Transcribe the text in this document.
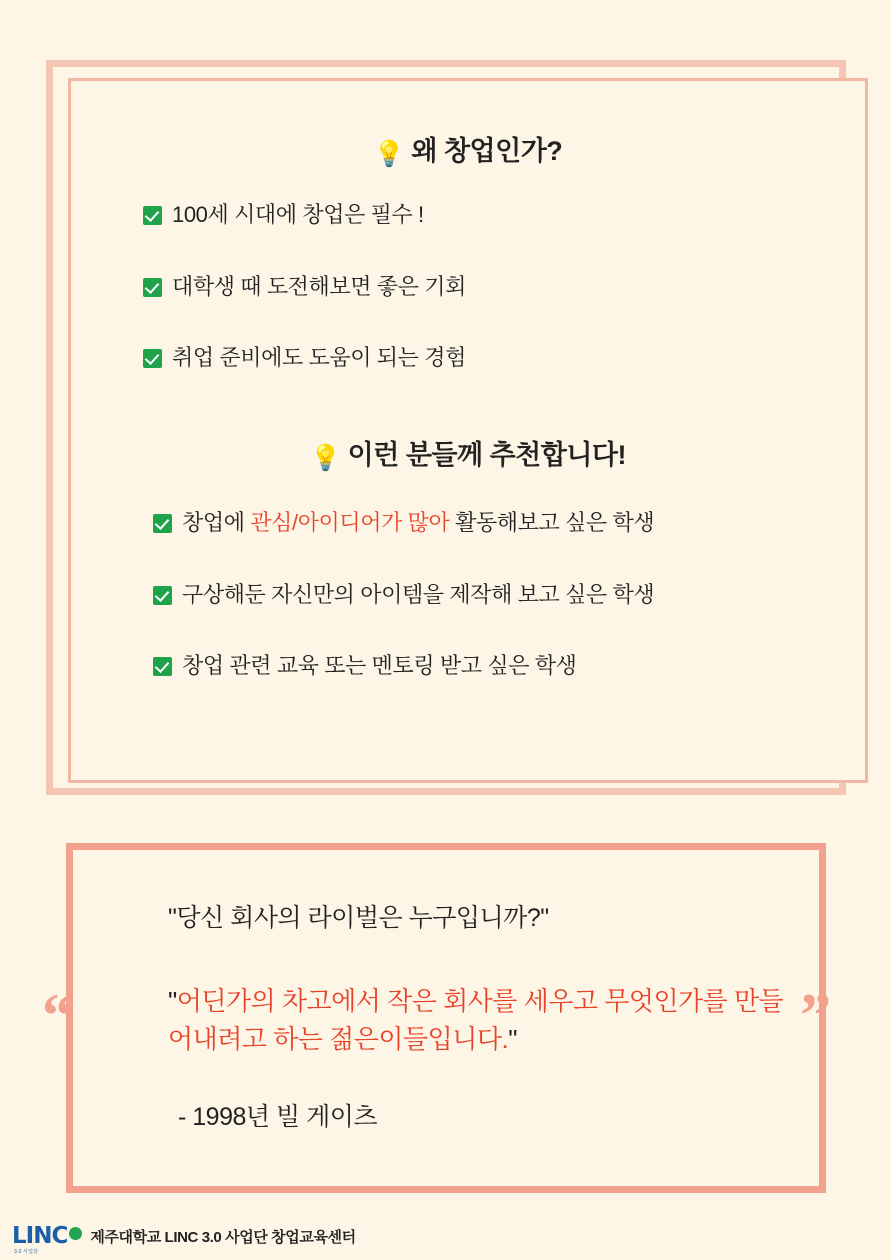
💡 왜 창업인가?
100세 시대에 창업은 필수 !
대학생 때 도전해보면 좋은 기회
취업 준비에도 도움이 되는 경험
💡 이런 분들께 추천합니다!
창업에 관심/아이디어가 많아 활동해보고 싶은 학생
구상해둔 자신만의 아이템을 제작해 보고 싶은 학생
창업 관련 교육 또는 멘토링 받고 싶은 학생
“	”
"당신 회사의 라이벌은 누구입니까?"
"어딘가의 차고에서 작은 회사를 세우고 무엇인가를 만들어내려고 하는 젊은이들입니다."
- 1998년 빌 게이츠
LINC
3.0 사업단
제주대학교 LINC 3.0 사업단 창업교육센터
